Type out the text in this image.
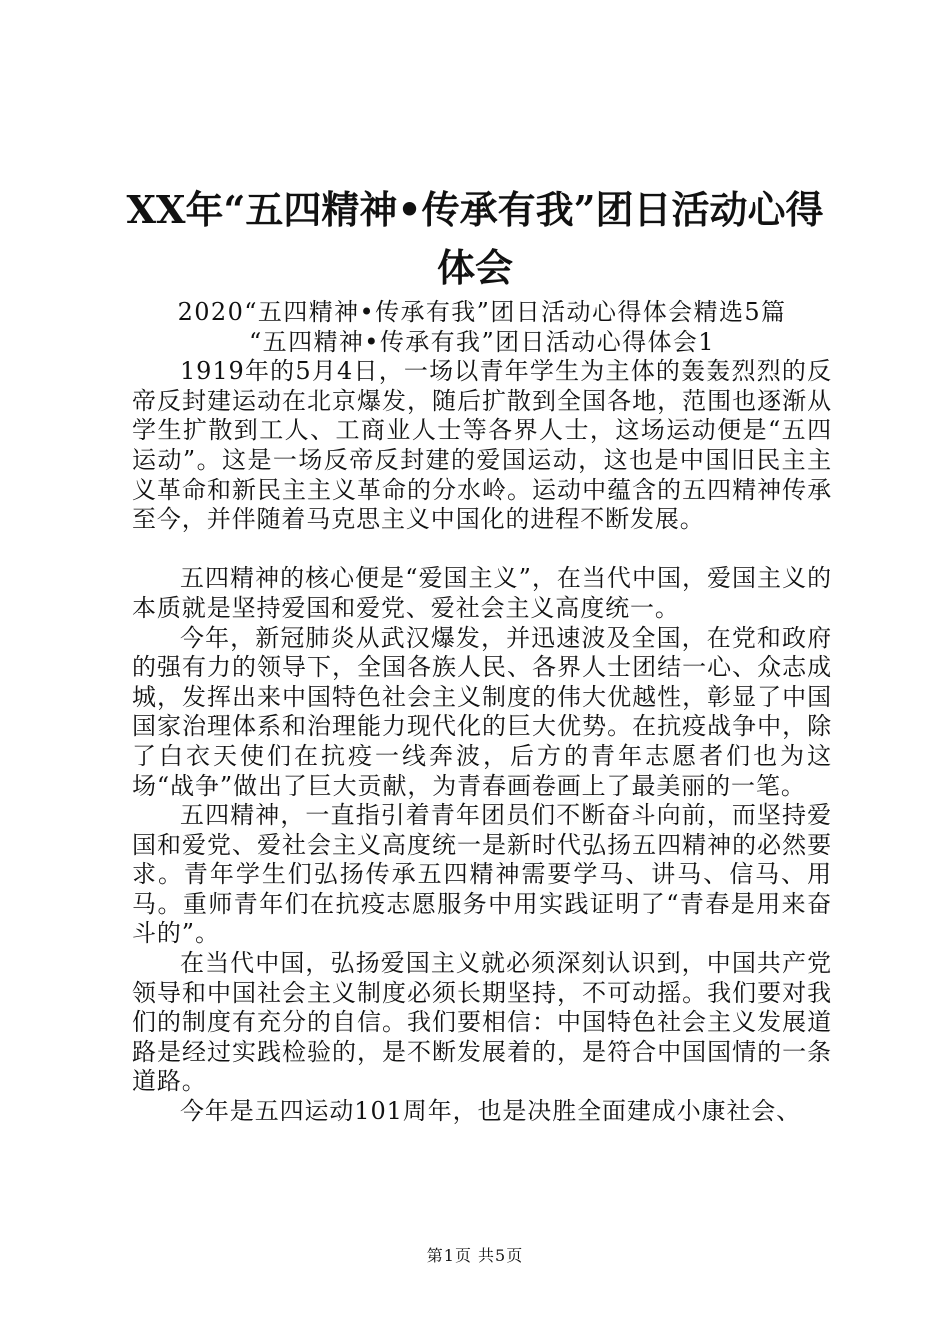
XX年“五四精神•传承有我”团日活动心得
体会

2020“五四精神•传承有我”团日活动心得体会精选5篇

“五四精神•传承有我”团日活动心得体会1

1919年的5月4日，一场以青年学生为主体的轰轰烈烈的反帝反封建运动在北京爆发，随后扩散到全国各地，范围也逐渐从学生扩散到工人、工商业人士等各界人士，这场运动便是“五四运动”。这是一场反帝反封建的爱国运动，这也是中国旧民主主义革命和新民主主义革命的分水岭。运动中蕴含的五四精神传承至今，并伴随着马克思主义中国化的进程不断发展。

五四精神的核心便是“爱国主义”，在当代中国，爱国主义的本质就是坚持爱国和爱党、爱社会主义高度统一。

今年，新冠肺炎从武汉爆发，并迅速波及全国，在党和政府的强有力的领导下，全国各族人民、各界人士团结一心、众志成城，发挥出来中国特色社会主义制度的伟大优越性，彰显了中国国家治理体系和治理能力现代化的巨大优势。在抗疫战争中，除了白衣天使们在抗疫一线奔波，后方的青年志愿者们也为这场“战争”做出了巨大贡献，为青春画卷画上了最美丽的一笔。

五四精神，一直指引着青年团员们不断奋斗向前，而坚持爱国和爱党、爱社会主义高度统一是新时代弘扬五四精神的必然要求。青年学生们弘扬传承五四精神需要学马、讲马、信马、用马。重师青年们在抗疫志愿服务中用实践证明了“青春是用来奋斗的”。

在当代中国，弘扬爱国主义就必须深刻认识到，中国共产党领导和中国社会主义制度必须长期坚持，不可动摇。我们要对我们的制度有充分的自信。我们要相信：中国特色社会主义发展道路是经过实践检验的，是不断发展着的，是符合中国国情的一条道路。

今年是五四运动101周年，也是决胜全面建成小康社会、

第1页 共5页
